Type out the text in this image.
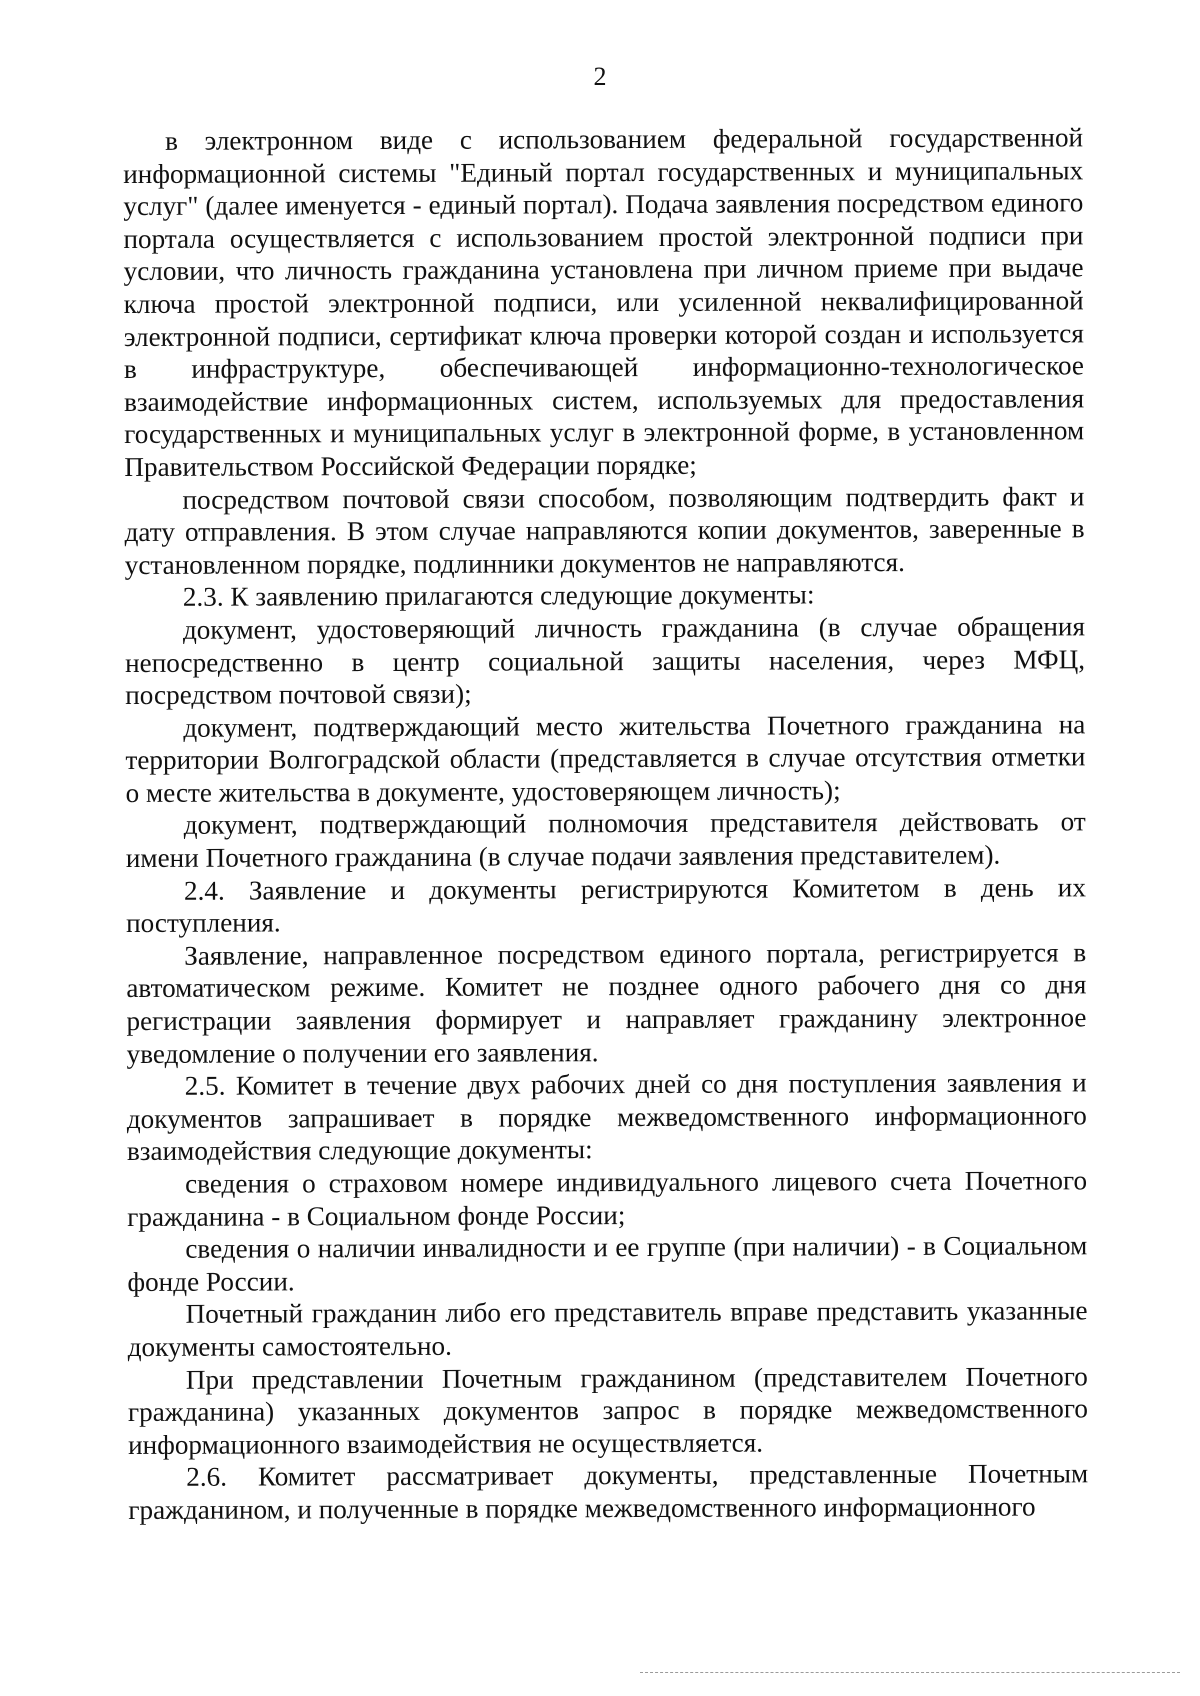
2

в электронном виде с использованием федеральной государственной информационной системы "Единый портал государственных и муниципальных услуг" (далее именуется - единый портал). Подача заявления посредством единого портала осуществляется с использованием простой электронной подписи при условии, что личность гражданина установлена при личном приеме при выдаче ключа простой электронной подписи, или усиленной неквалифицированной электронной подписи, сертификат ключа проверки которой создан и используется в инфраструктуре, обеспечивающей информационно-технологическое взаимодействие информационных систем, используемых для предоставления государственных и муниципальных услуг в электронной форме, в установленном Правительством Российской Федерации порядке;

посредством почтовой связи способом, позволяющим подтвердить факт и дату отправления. В этом случае направляются копии документов, заверенные в установленном порядке, подлинники документов не направляются.

2.3. К заявлению прилагаются следующие документы:

документ, удостоверяющий личность гражданина (в случае обращения непосредственно в центр социальной защиты населения, через МФЦ, посредством почтовой связи);

документ, подтверждающий место жительства Почетного гражданина на территории Волгоградской области (представляется в случае отсутствия отметки о месте жительства в документе, удостоверяющем личность);

документ, подтверждающий полномочия представителя действовать от имени Почетного гражданина (в случае подачи заявления представителем).

2.4. Заявление и документы регистрируются Комитетом в день их поступления.

Заявление, направленное посредством единого портала, регистрируется в автоматическом режиме. Комитет не позднее одного рабочего дня со дня регистрации заявления формирует и направляет гражданину электронное уведомление о получении его заявления.

2.5. Комитет в течение двух рабочих дней со дня поступления заявления и документов запрашивает в порядке межведомственного информационного взаимодействия следующие документы:

сведения о страховом номере индивидуального лицевого счета Почетного гражданина - в Социальном фонде России;

сведения о наличии инвалидности и ее группе (при наличии) - в Социальном фонде России.

Почетный гражданин либо его представитель вправе представить указанные документы самостоятельно.

При представлении Почетным гражданином (представителем Почетного гражданина) указанных документов запрос в порядке межведомственного информационного взаимодействия не осуществляется.

2.6. Комитет рассматривает документы, представленные Почетным гражданином, и полученные в порядке межведомственного информационного
